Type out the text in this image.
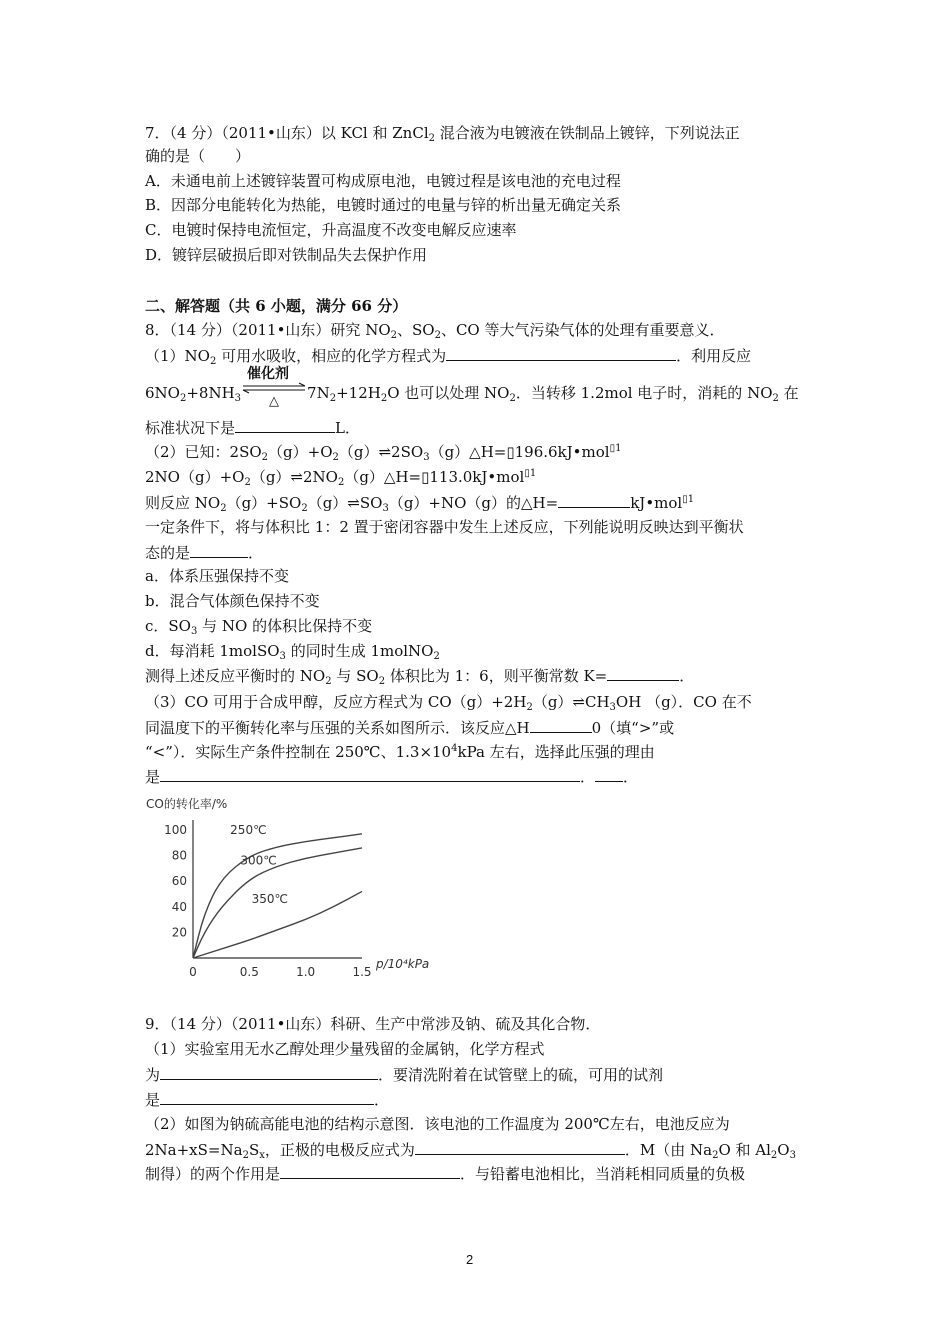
7．（4 分）（2011•山东）以 KCl 和 ZnCl$_2$ 混合液为电镀液在铁制品上镀锌，下列说法正
确的是（　　）
A．未通电前上述镀锌装置可构成原电池，电镀过程是该电池的充电过程
B．因部分电能转化为热能，电镀时通过的电量与锌的析出量无确定关系
C．电镀时保持电流恒定，升高温度不改变电解反应速率
D．镀锌层破损后即对铁制品失去保护作用
二、解答题（共 6 小题，满分 66 分）
8．（14 分）（2011•山东）研究 $NO_2$、$SO_2$、CO 等大气污染气体的处理有重要意义．
$(1)NO_2$ 可用水吸收，相应的化学方程式为	．利用反应
$6NO_2+8NH_3$
催化剂
△ $7N_2+12H_2O$ 也可以处理 $NO_2$．当转移 1.2mol 电子时，消耗的 $NO_2$ 在
标准状况下是	L．
（2）已知：$2SO_2(g)+O_2(g)\rightleftharpoons 2SO_3(g)\triangle H=▯196.6kJ•mol^{▯1}$
$2NO(g)+O_2(g)\rightleftharpoons 2NO_2(g)\triangle H=▯113.0kJ•mol^{▯1}$
则反应 $NO_2(g)+SO_2(g)\rightleftharpoons SO_3(g)+NO(g)$的△H=	kJ•mol$^{▯1}$
一定条件下，将与体积比 1：2 置于密闭容器中发生上述反应，下列能说明反映达到平衡状
态的是	．
a．体系压强保持不变
b．混合气体颜色保持不变
c．$SO_3$ 与 NO 的体积比保持不变
d．每消耗 1molSO$_3$ 的同时生成 1molNO$_2$
测得上述反应平衡时的 $NO_2$ 与 $SO_2$ 体积比为 1：6，则平衡常数 K=	．
（3）CO 可用于合成甲醇，反应方程式为 $CO(g)+2H_2(g)\rightleftharpoons CH_3OH$ （g）．CO 在不
同温度下的平衡转化率与压强的关系如图所示．该反应△H	0（填“>”或
“<”）．实际生产条件控制在 250℃、$1.3\times 10^4kPa$ 左右，选择此压强的理由
是	． ．
CO的转化率/%
20
40
60
80
100
0	0.5	1.0	1.5
250℃
300℃
350℃
p/10⁴kPa
9．（14 分）（2011•山东）科研、生产中常涉及钠、硫及其化合物．
（1）实验室用无水乙醇处理少量残留的金属钠，化学方程式
为	．要清洗附着在试管壁上的硫，可用的试剂
是	．
（2）如图为钠硫高能电池的结构示意图．该电池的工作温度为 200℃左右，电池反应为
$2Na+xS=Na_2S_x$，正极的电极反应式为	．M（由 $Na_2O$ 和 $Al_2O_3$
制得）的两个作用是	．与铅蓄电池相比，当消耗相同质量的负极
2
